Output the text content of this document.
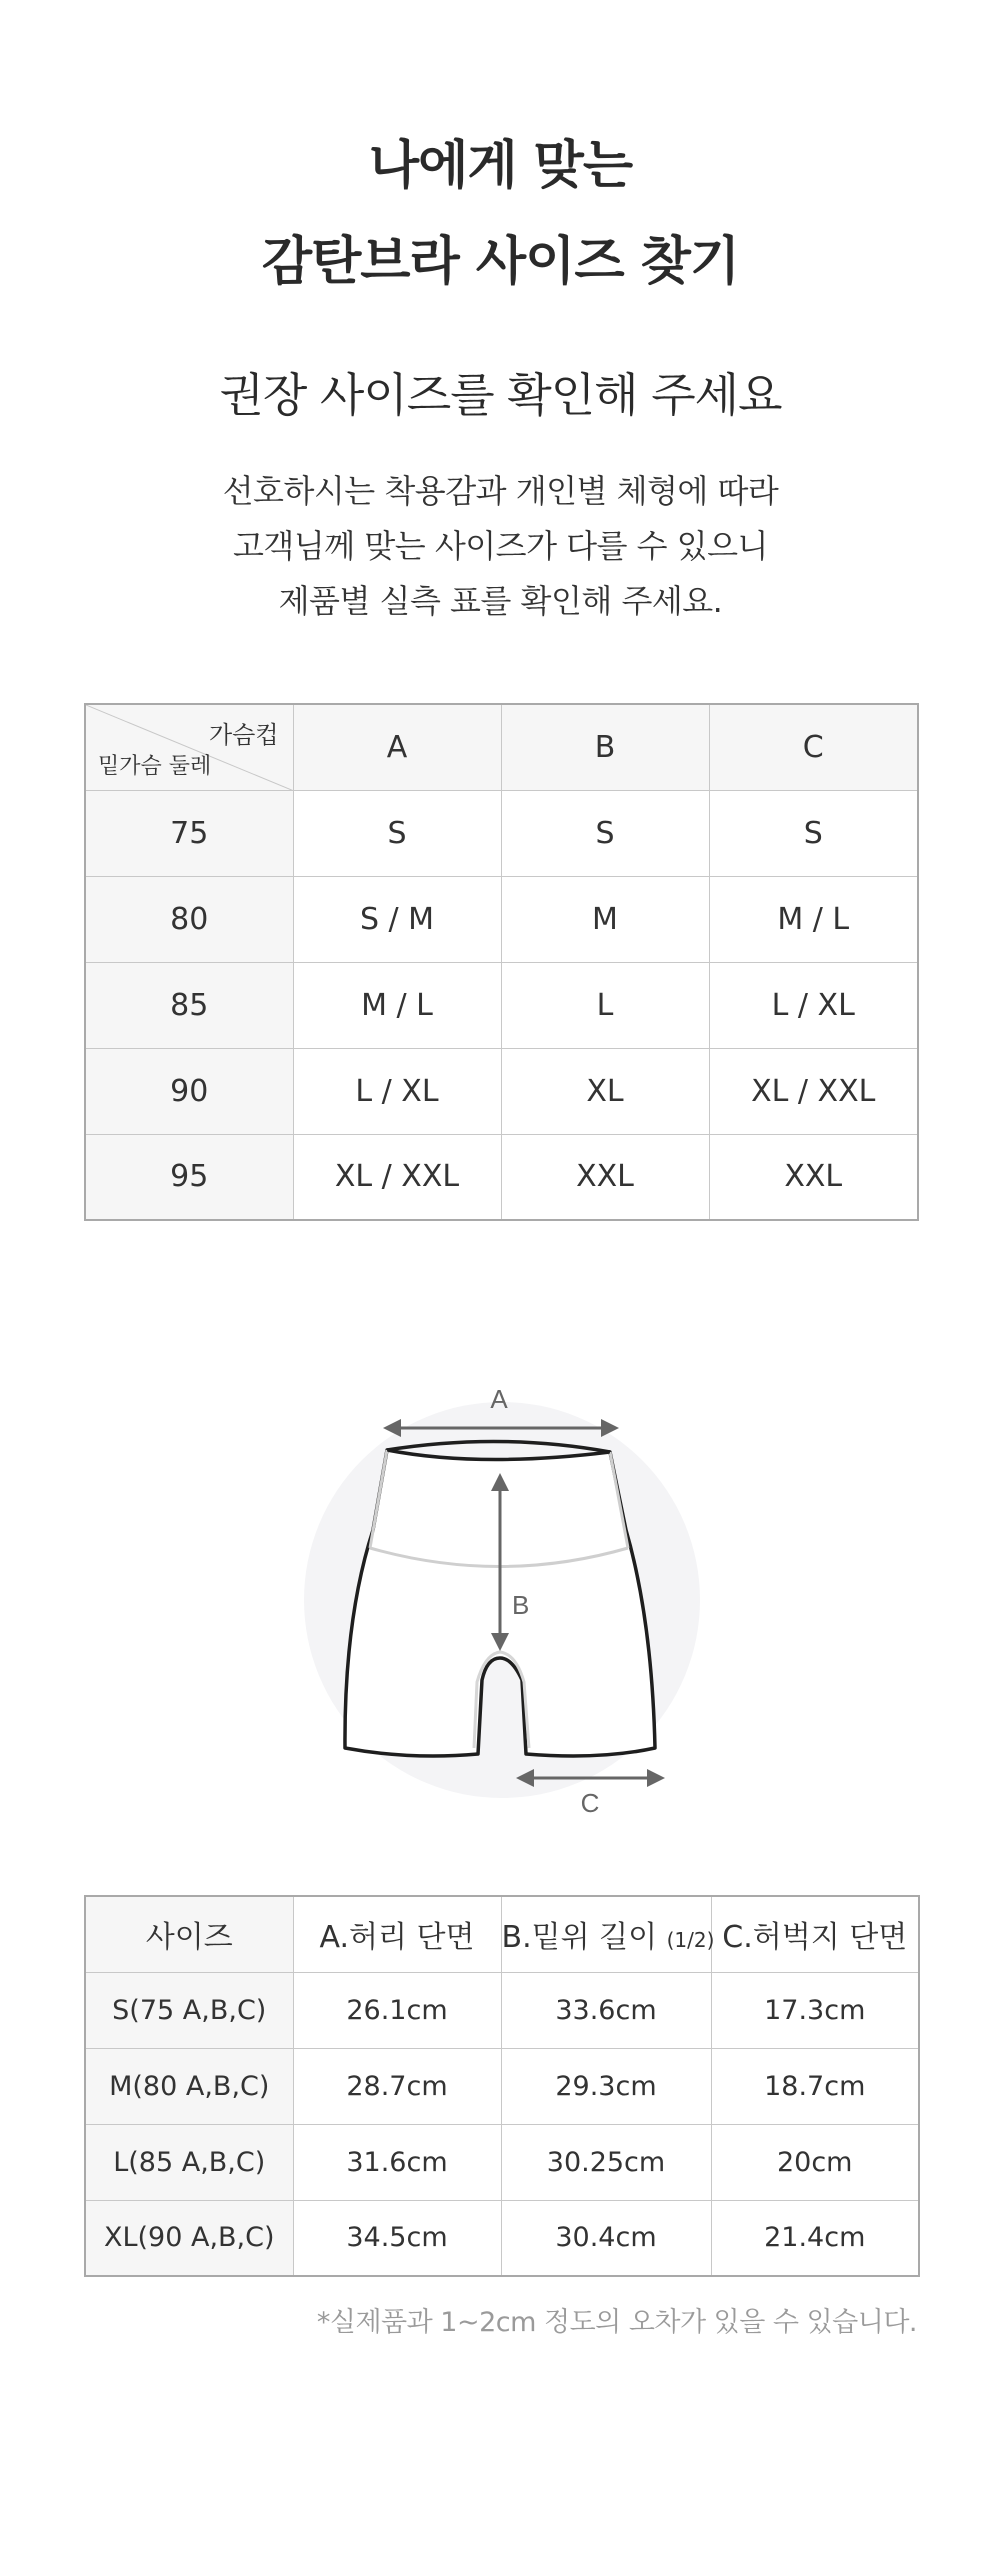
나에게 맞는
감탄브라 사이즈 찾기
권장 사이즈를 확인해 주세요
선호하시는 착용감과 개인별 체형에 따라
고객님께 맞는 사이즈가 다를 수 있으니
제품별 실측 표를 확인해 주세요.
가슴컵
밑가슴 둘레	A	B	C
75	S	S	S
80	S / M	M	M / L
85	M / L	L	L / XL
90	L / XL	XL	XL / XXL
95	XL / XXL	XXL	XXL
A
B
C
사이즈	A.허리 단면	B.밑위 길이 (1/2)	C.허벅지 단면
S(75 A,B,C)	26.1cm	33.6cm	17.3cm
M(80 A,B,C)	28.7cm	29.3cm	18.7cm
L(85 A,B,C)	31.6cm	30.25cm	20cm
XL(90 A,B,C)	34.5cm	30.4cm	21.4cm
*실제품과 1~2cm 정도의 오차가 있을 수 있습니다.
